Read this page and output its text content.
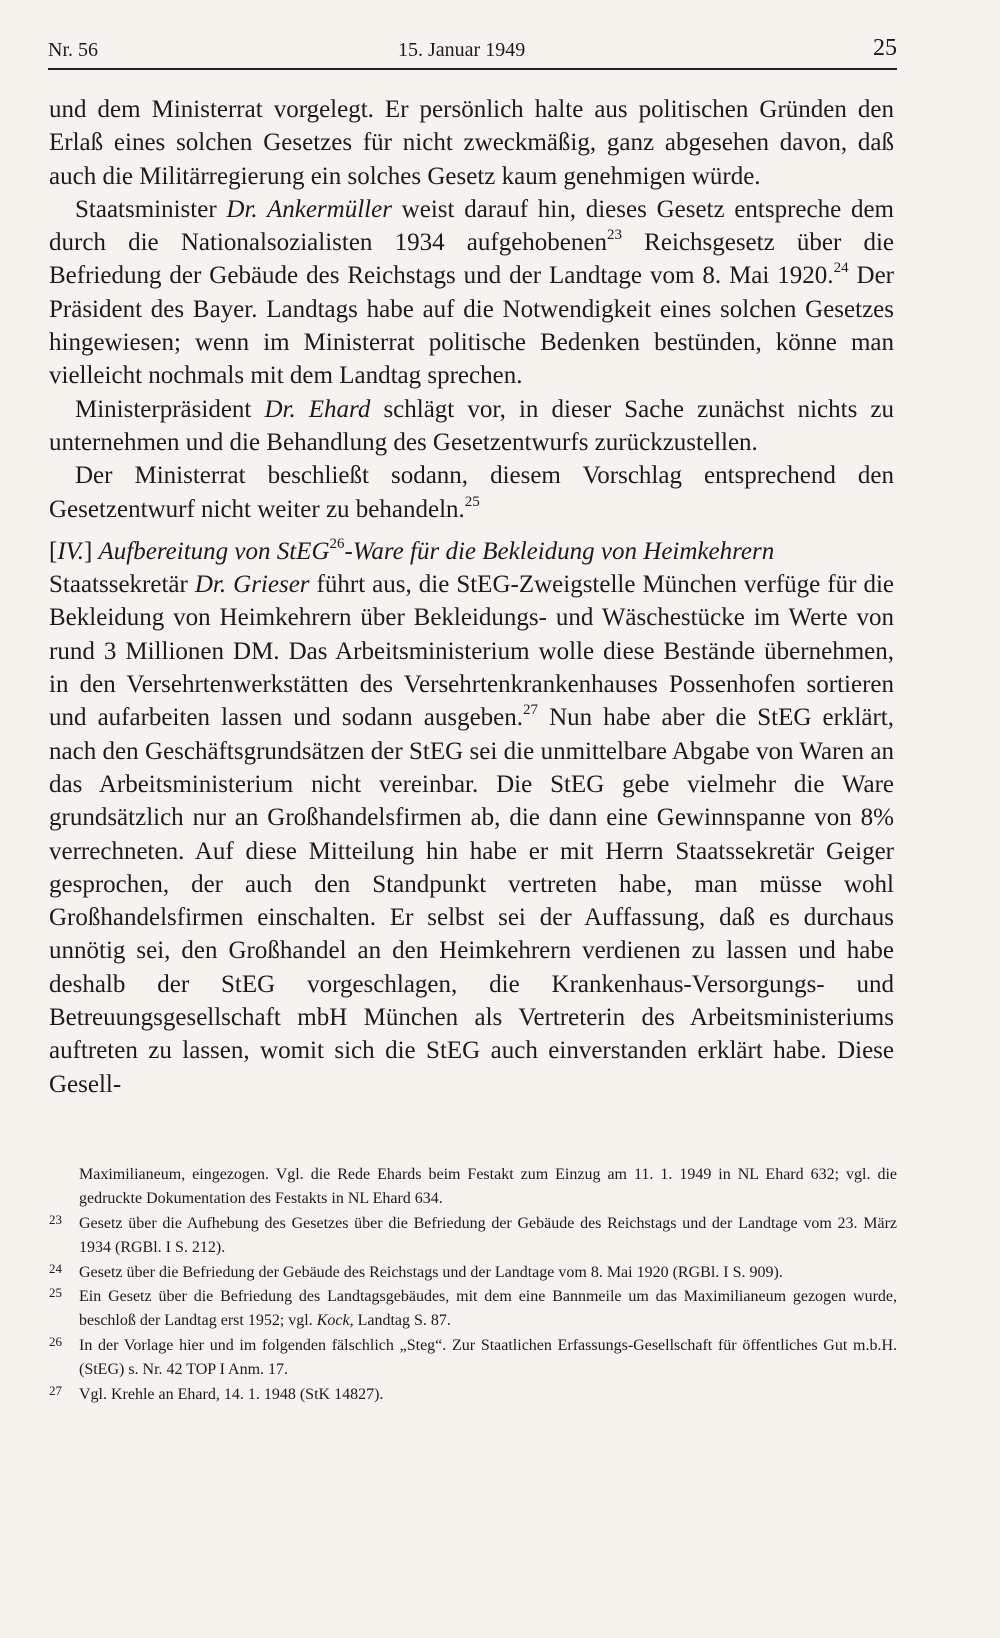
Nr. 56	15. Januar 1949	25

und dem Ministerrat vorgelegt. Er persönlich halte aus politischen Gründen den Erlaß eines solchen Gesetzes für nicht zweckmäßig, ganz abgesehen davon, daß auch die Militärregierung ein solches Gesetz kaum genehmigen würde.

Staatsminister Dr. Ankermüller weist darauf hin, dieses Gesetz entspreche dem durch die Nationalsozialisten 1934 aufgehobenen$^{23}$ Reichsgesetz über die Befriedung der Gebäude des Reichstags und der Landtage vom 8. Mai 1920.24 Der Präsident des Bayer. Landtags habe auf die Notwendigkeit eines solchen Gesetzes hingewiesen; wenn im Ministerrat politische Bedenken bestünden, könne man vielleicht nochmals mit dem Landtag sprechen.

Ministerpräsident Dr. Ehard schlägt vor, in dieser Sache zunächst nichts zu unternehmen und die Behandlung des Gesetzentwurfs zurückzustellen.

Der Ministerrat beschließt sodann, diesem Vorschlag entsprechend den Gesetzentwurf nicht weiter zu behandeln.$^{25}$

[IV.] Aufbereitung von StEG$^{26}$-Ware für die Bekleidung von Heimkehrern

Staatssekretär Dr. Grieser führt aus, die StEG-Zweigstelle München verfüge für die Bekleidung von Heimkehrern über Bekleidungs- und Wäschestücke im Werte von rund 3 Millionen DM. Das Arbeitsministerium wolle diese Bestände übernehmen, in den Versehrtenwerkstätten des Versehrtenkrankenhauses Possenhofen sortieren und aufarbeiten lassen und sodann ausgeben.$^{27}$ Nun habe aber die StEG erklärt, nach den Geschäftsgrundsätzen der StEG sei die unmittelbare Abgabe von Waren an das Arbeitsministerium nicht vereinbar. Die StEG gebe vielmehr die Ware grundsätzlich nur an Großhandelsfirmen ab, die dann eine Gewinnspanne von 8% verrechneten. Auf diese Mitteilung hin habe er mit Herrn Staatssekretär Geiger gesprochen, der auch den Standpunkt vertreten habe, man müsse wohl Großhandelsfirmen einschalten. Er selbst sei der Auffassung, daß es durchaus unnötig sei, den Großhandel an den Heimkehrern verdienen zu lassen und habe deshalb der StEG vorgeschlagen, die Krankenhaus-Versorgungs- und Betreuungsgesellschaft mbH München als Vertreterin des Arbeitsministeriums auftreten zu lassen, womit sich die StEG auch einverstanden erklärt habe. Diese Gesell-

Maximilianeum, eingezogen. Vgl. die Rede Ehards beim Festakt zum Einzug am 11. 1. 1949 in NL Ehard 632; vgl. die gedruckte Dokumentation des Festakts in NL Ehard 634.
23 Gesetz über die Aufhebung des Gesetzes über die Befriedung der Gebäude des Reichstags und der Landtage vom 23. März 1934 (RGBl. I S. 212).
24 Gesetz über die Befriedung der Gebäude des Reichstags und der Landtage vom 8. Mai 1920 (RGBl. I S. 909).
25 Ein Gesetz über die Befriedung des Landtagsgebäudes, mit dem eine Bannmeile um das Maximilianeum gezogen wurde, beschloß der Landtag erst 1952; vgl. Kock, Landtag S. 87.
26 In der Vorlage hier und im folgenden fälschlich „Steg“. Zur Staatlichen Erfassungs-Gesellschaft für öffentliches Gut m.b.H. (StEG) s. Nr. 42 TOP I Anm. 17.
27 Vgl. Krehle an Ehard, 14. 1. 1948 (StK 14827).
